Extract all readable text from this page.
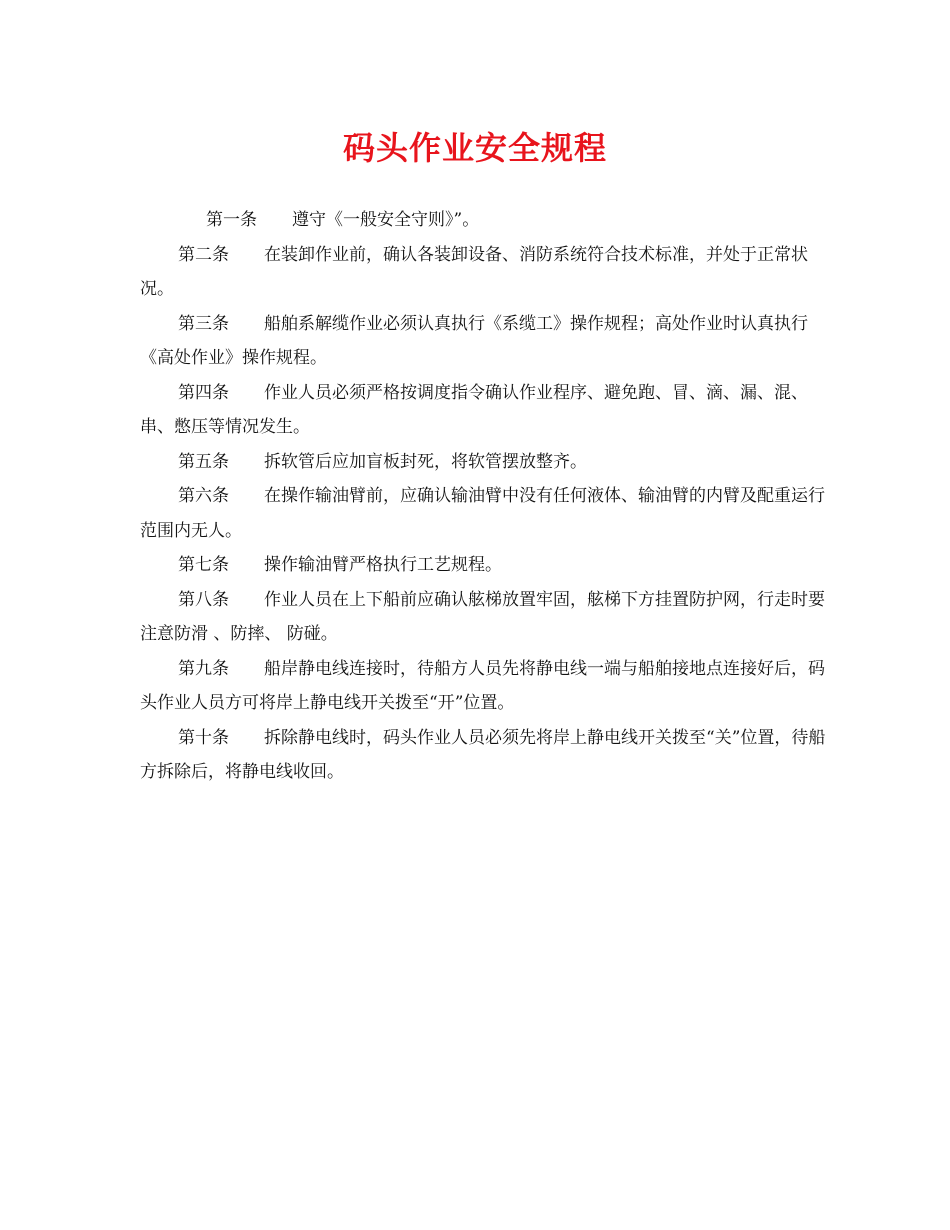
码头作业安全规程

第一条 遵守《一般安全守则》”。

第二条 在装卸作业前，确认各装卸设备、消防系统符合技术标准，并处于正常状况。

第三条 船舶系解缆作业必须认真执行《系缆工》操作规程；高处作业时认真执行《高处作业》操作规程。

第四条 作业人员必须严格按调度指令确认作业程序、避免跑、冒、滴、漏、混、串、憋压等情况发生。

第五条 拆软管后应加盲板封死，将软管摆放整齐。

第六条 在操作输油臂前，应确认输油臂中没有任何液体、输油臂的内臂及配重运行范围内无人。

第七条 操作输油臂严格执行工艺规程。

第八条 作业人员在上下船前应确认舷梯放置牢固，舷梯下方挂置防护网，行走时要注意防滑 、防摔、 防碰。

第九条 船岸静电线连接时，待船方人员先将静电线一端与船舶接地点连接好后，码头作业人员方可将岸上静电线开关拨至“开”位置。

第十条 拆除静电线时，码头作业人员必须先将岸上静电线开关拨至“关”位置，待船方拆除后，将静电线收回。
